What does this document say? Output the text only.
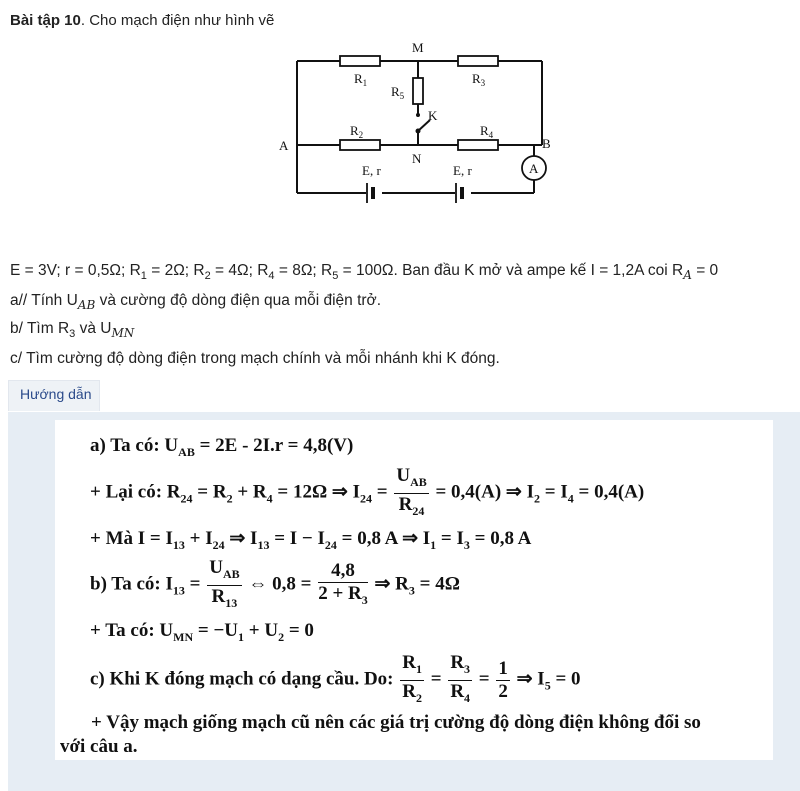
Bài tập 10. Cho mạch điện như hình vẽ
M
$R_1$	$R_3$
$R_5$
K
$R_2$	$R_4$
A	B
N
A
E, r	E, r
E = 3V; r = 0,5Ω; $R_1 = 2\Omega$; $R_2 = 4\Omega$; $R_4 = 8\Omega$; $R_5 = 100\Omega$. Ban đầu K mở và ampe kế I = 1,2A coi $R_A = 0$
a// Tính $U_{AB}$ và cường độ dòng điện qua mỗi điện trở.
b/ Tìm $R_3$ và $U_{MN}$
c/ Tìm cường độ dòng điện trong mạch chính và mỗi nhánh khi K đóng.
Hướng dẫn
a) Ta có: $U_{AB} = 2E - 2I.r = 4,8(V)$
+ Lại có: $R_{24} = R_2 + R_4 = 12\Omega$ ⇒ $I_{24} = \frac{U_{AB}}{R_{24}} = 0,4(A)$ ⇒ $I_2 = I_4 = 0,4(A)$
+ Mà $I = I_{13} + I_{24}$ ⇒ $I_{13} = I - I_{24} = 0,8$ A ⇒ $I_1 = I_3 = 0,8$ A
b) Ta có: $I_{13} = \frac{U_{AB}}{R_{13}}$ ⇔ $0,8 = \frac{4,8}{2 + R_3}$ ⇒ $R_3 = 4\Omega$
+ Ta có: $U_{MN} = -U_1 + U_2 = 0$
c) Khi K đóng mạch có dạng cầu. Do: $\frac{R_1}{R_2} = \frac{R_3}{R_4} = \frac{1}{2}$ ⇒ $I_5 = 0$
+ Vậy mạch giống mạch cũ nên các giá trị cường độ dòng điện không đổi so
với câu a.
